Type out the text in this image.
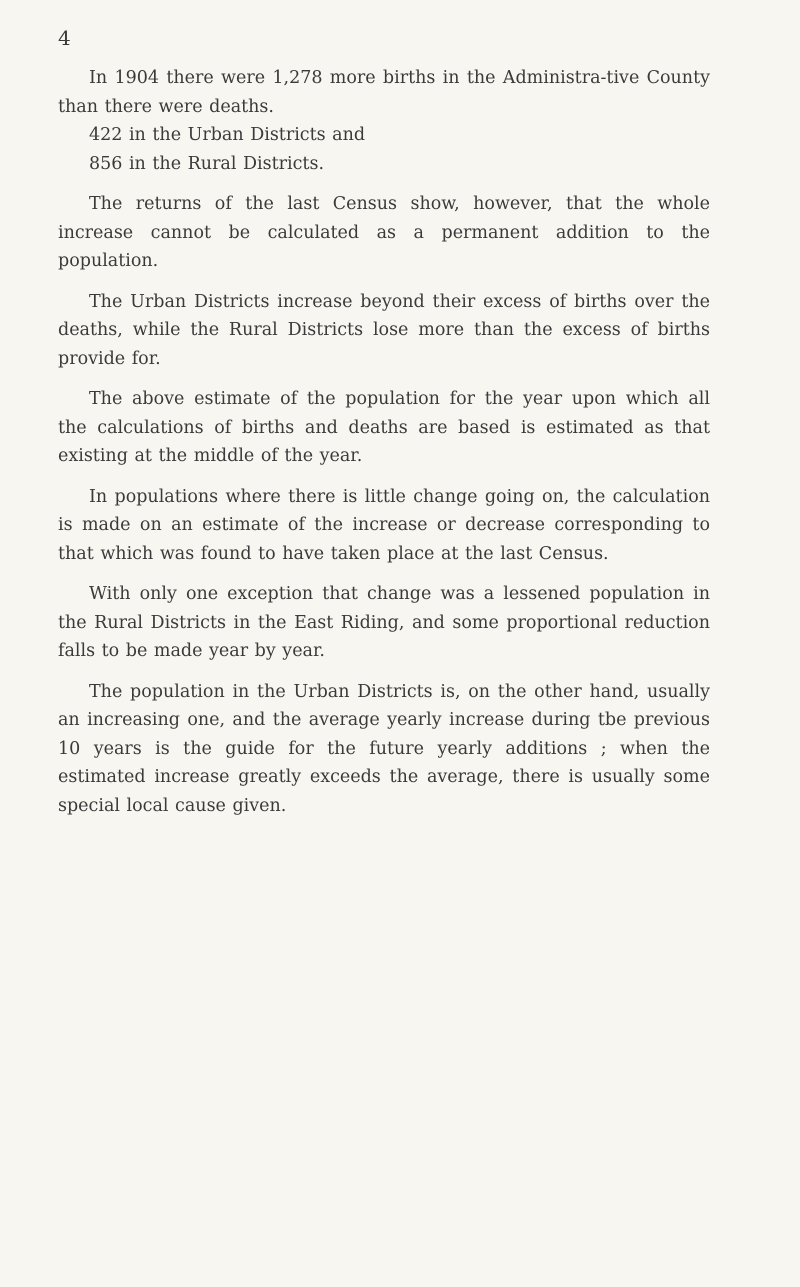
4

In 1904 there were 1,278 more births in the Administra-tive County than there were deaths.

422 in the Urban Districts and

856 in the Rural Districts.

The returns of the last Census show, however, that the whole increase cannot be calculated as a permanent addition to the population.

The Urban Districts increase beyond their excess of births over the deaths, while the Rural Districts lose more than the excess of births provide for.

The above estimate of the population for the year upon which all the calculations of births and deaths are based is estimated as that existing at the middle of the year.

In populations where there is little change going on, the calculation is made on an estimate of the increase or decrease corresponding to that which was found to have taken place at the last Census.

With only one exception that change was a lessened population in the Rural Districts in the East Riding, and some proportional reduction falls to be made year by year.

The population in the Urban Districts is, on the other hand, usually an increasing one, and the average yearly increase during tbe previous 10 years is the guide for the future yearly additions ; when the estimated increase greatly exceeds the average, there is usually some special local cause given.
